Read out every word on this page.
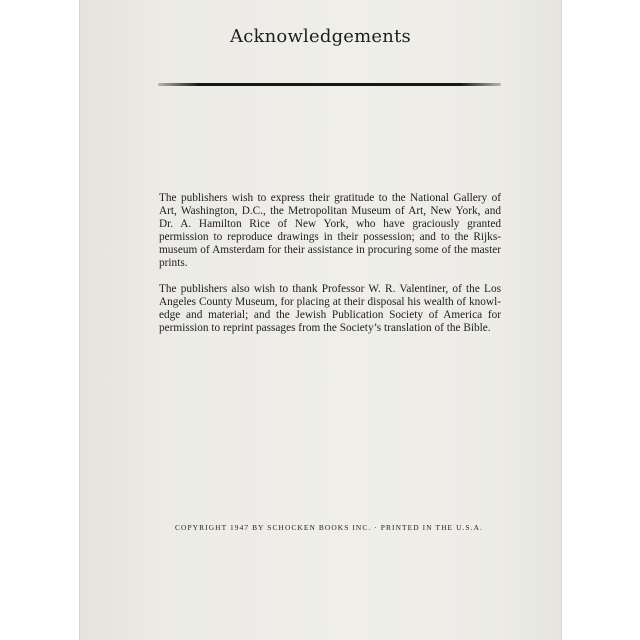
Acknowledgements

The publishers wish to express their gratitude to the National Gallery of Art, Washington, D.C., the Metropolitan Museum of Art, New York, and Dr. A. Hamilton Rice of New York, who have graciously granted permission to reproduce drawings in their possession; and to the Rijksmuseum of Amsterdam for their assistance in procuring some of the master prints.

The publishers also wish to thank Professor W. R. Valentiner, of the Los Angeles County Museum, for placing at their disposal his wealth of knowledge and material; and the Jewish Publication Society of America for permission to reprint passages from the Society’s translation of the Bible.

COPYRIGHT 1947 BY SCHOCKEN BOOKS INC. · PRINTED IN THE U.S.A.
